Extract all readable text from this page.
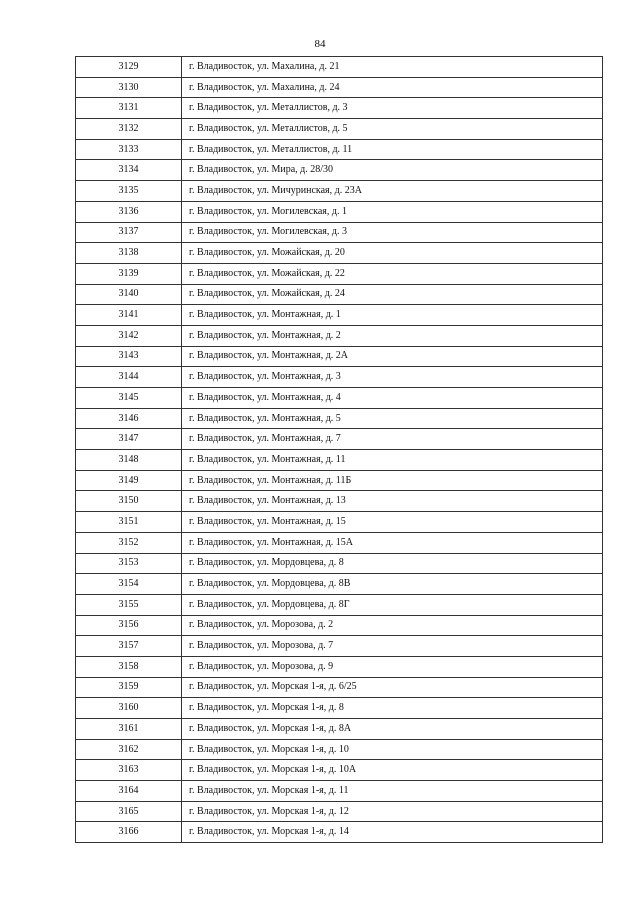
84
3129	г. Владивосток, ул. Махалина, д. 21
3130	г. Владивосток, ул. Махалина, д. 24
3131	г. Владивосток, ул. Металлистов, д. 3
3132	г. Владивосток, ул. Металлистов, д. 5
3133	г. Владивосток, ул. Металлистов, д. 11
3134	г. Владивосток, ул. Мира, д. 28/30
3135	г. Владивосток, ул. Мичуринская, д. 23А
3136	г. Владивосток, ул. Могилевская, д. 1
3137	г. Владивосток, ул. Могилевская, д. 3
3138	г. Владивосток, ул. Можайская, д. 20
3139	г. Владивосток, ул. Можайская, д. 22
3140	г. Владивосток, ул. Можайская, д. 24
3141	г. Владивосток, ул. Монтажная, д. 1
3142	г. Владивосток, ул. Монтажная, д. 2
3143	г. Владивосток, ул. Монтажная, д. 2А
3144	г. Владивосток, ул. Монтажная, д. 3
3145	г. Владивосток, ул. Монтажная, д. 4
3146	г. Владивосток, ул. Монтажная, д. 5
3147	г. Владивосток, ул. Монтажная, д. 7
3148	г. Владивосток, ул. Монтажная, д. 11
3149	г. Владивосток, ул. Монтажная, д. 11Б
3150	г. Владивосток, ул. Монтажная, д. 13
3151	г. Владивосток, ул. Монтажная, д. 15
3152	г. Владивосток, ул. Монтажная, д. 15А
3153	г. Владивосток, ул. Мордовцева, д. 8
3154	г. Владивосток, ул. Мордовцева, д. 8В
3155	г. Владивосток, ул. Мордовцева, д. 8Г
3156	г. Владивосток, ул. Морозова, д. 2
3157	г. Владивосток, ул. Морозова, д. 7
3158	г. Владивосток, ул. Морозова, д. 9
3159	г. Владивосток, ул. Морская 1-я, д. 6/25
3160	г. Владивосток, ул. Морская 1-я, д. 8
3161	г. Владивосток, ул. Морская 1-я, д. 8А
3162	г. Владивосток, ул. Морская 1-я, д. 10
3163	г. Владивосток, ул. Морская 1-я, д. 10А
3164	г. Владивосток, ул. Морская 1-я, д. 11
3165	г. Владивосток, ул. Морская 1-я, д. 12
3166	г. Владивосток, ул. Морская 1-я, д. 14
